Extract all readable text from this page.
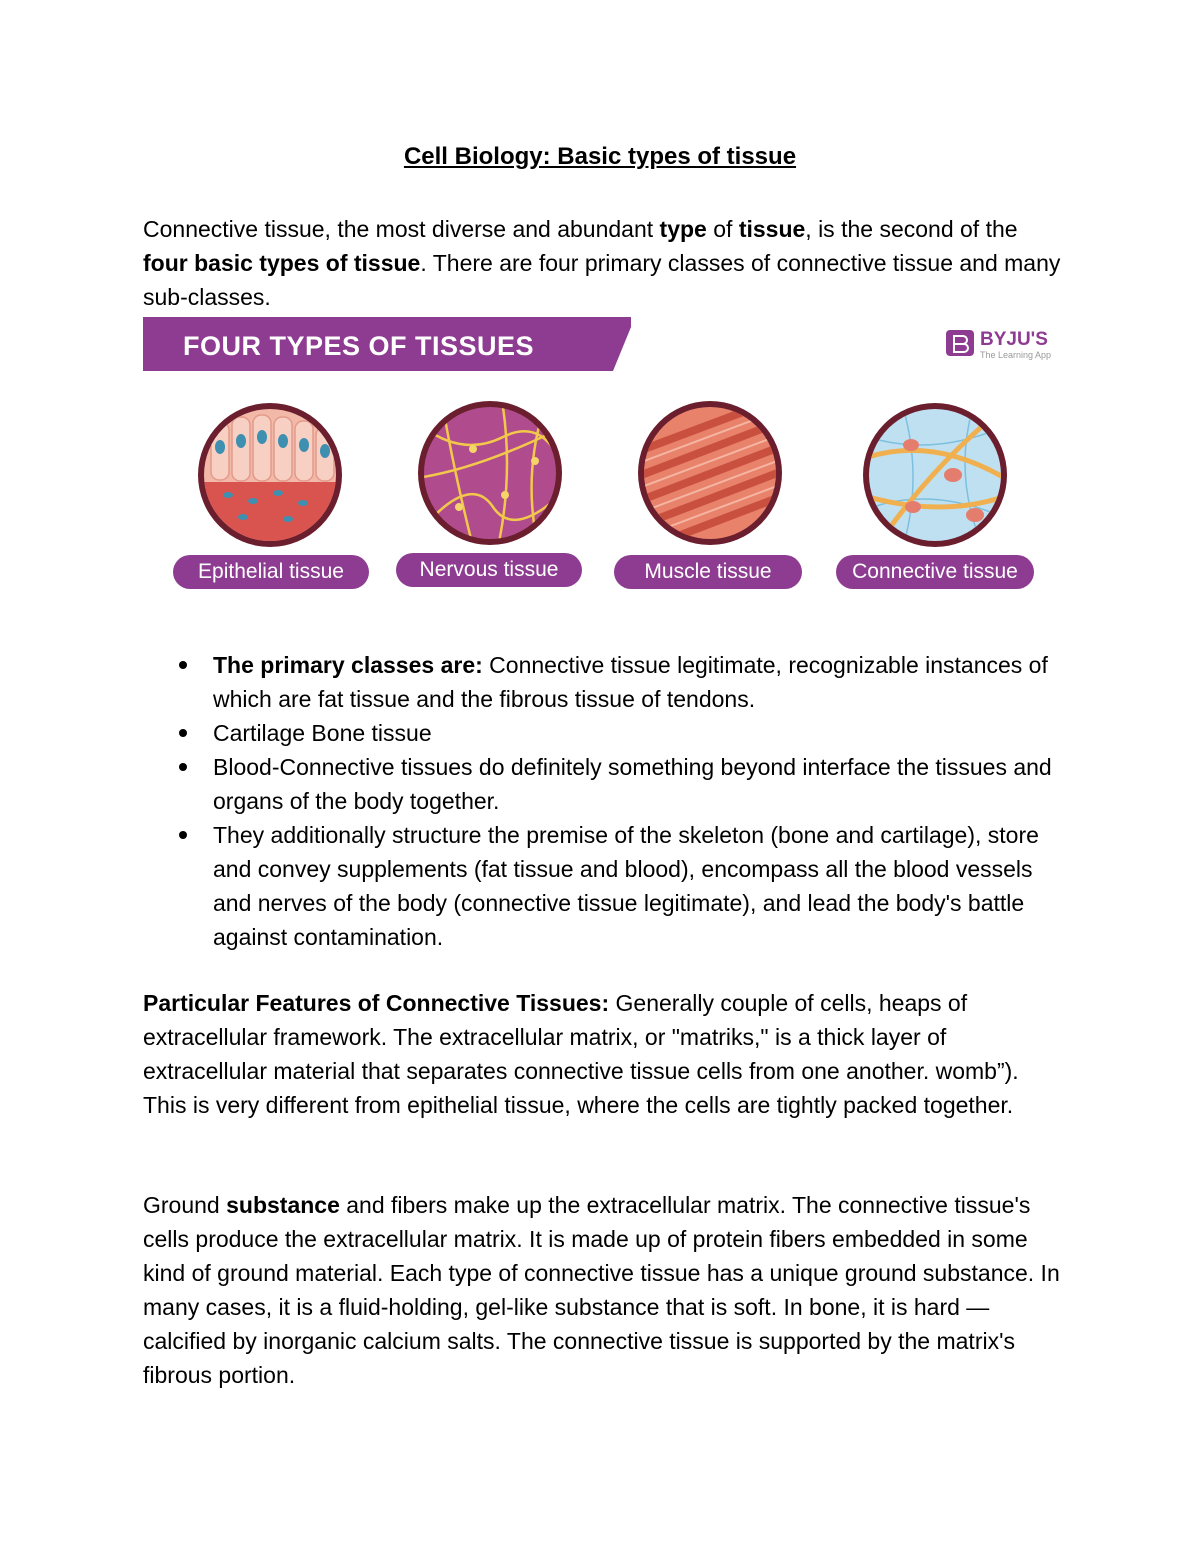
Cell Biology: Basic types of tissue

Connective tissue, the most diverse and abundant type of tissue, is the second of the four basic types of tissue. There are four primary classes of connective tissue and many sub-classes.

FOUR TYPES OF TISSUES	BYJU'S
The Learning App
Epithelial tissue	Nervous tissue	Muscle tissue	Connective tissue
The primary classes are: Connective tissue legitimate, recognizable instances of which are fat tissue and the fibrous tissue of tendons.
Cartilage Bone tissue
Blood-Connective tissues do definitely something beyond interface the tissues and organs of the body together.
They additionally structure the premise of the skeleton (bone and cartilage), store and convey supplements (fat tissue and blood), encompass all the blood vessels and nerves of the body (connective tissue legitimate), and lead the body's battle against contamination.

Particular Features of Connective Tissues: Generally couple of cells, heaps of extracellular framework. The extracellular matrix, or "matriks," is a thick layer of extracellular material that separates connective tissue cells from one another. womb”). This is very different from epithelial tissue, where the cells are tightly packed together.

Ground substance and fibers make up the extracellular matrix. The connective tissue's cells produce the extracellular matrix. It is made up of protein fibers embedded in some kind of ground material. Each type of connective tissue has a unique ground substance. In many cases, it is a fluid-holding, gel-like substance that is soft. In bone, it is hard — calcified by inorganic calcium salts. The connective tissue is supported by the matrix's fibrous portion.
